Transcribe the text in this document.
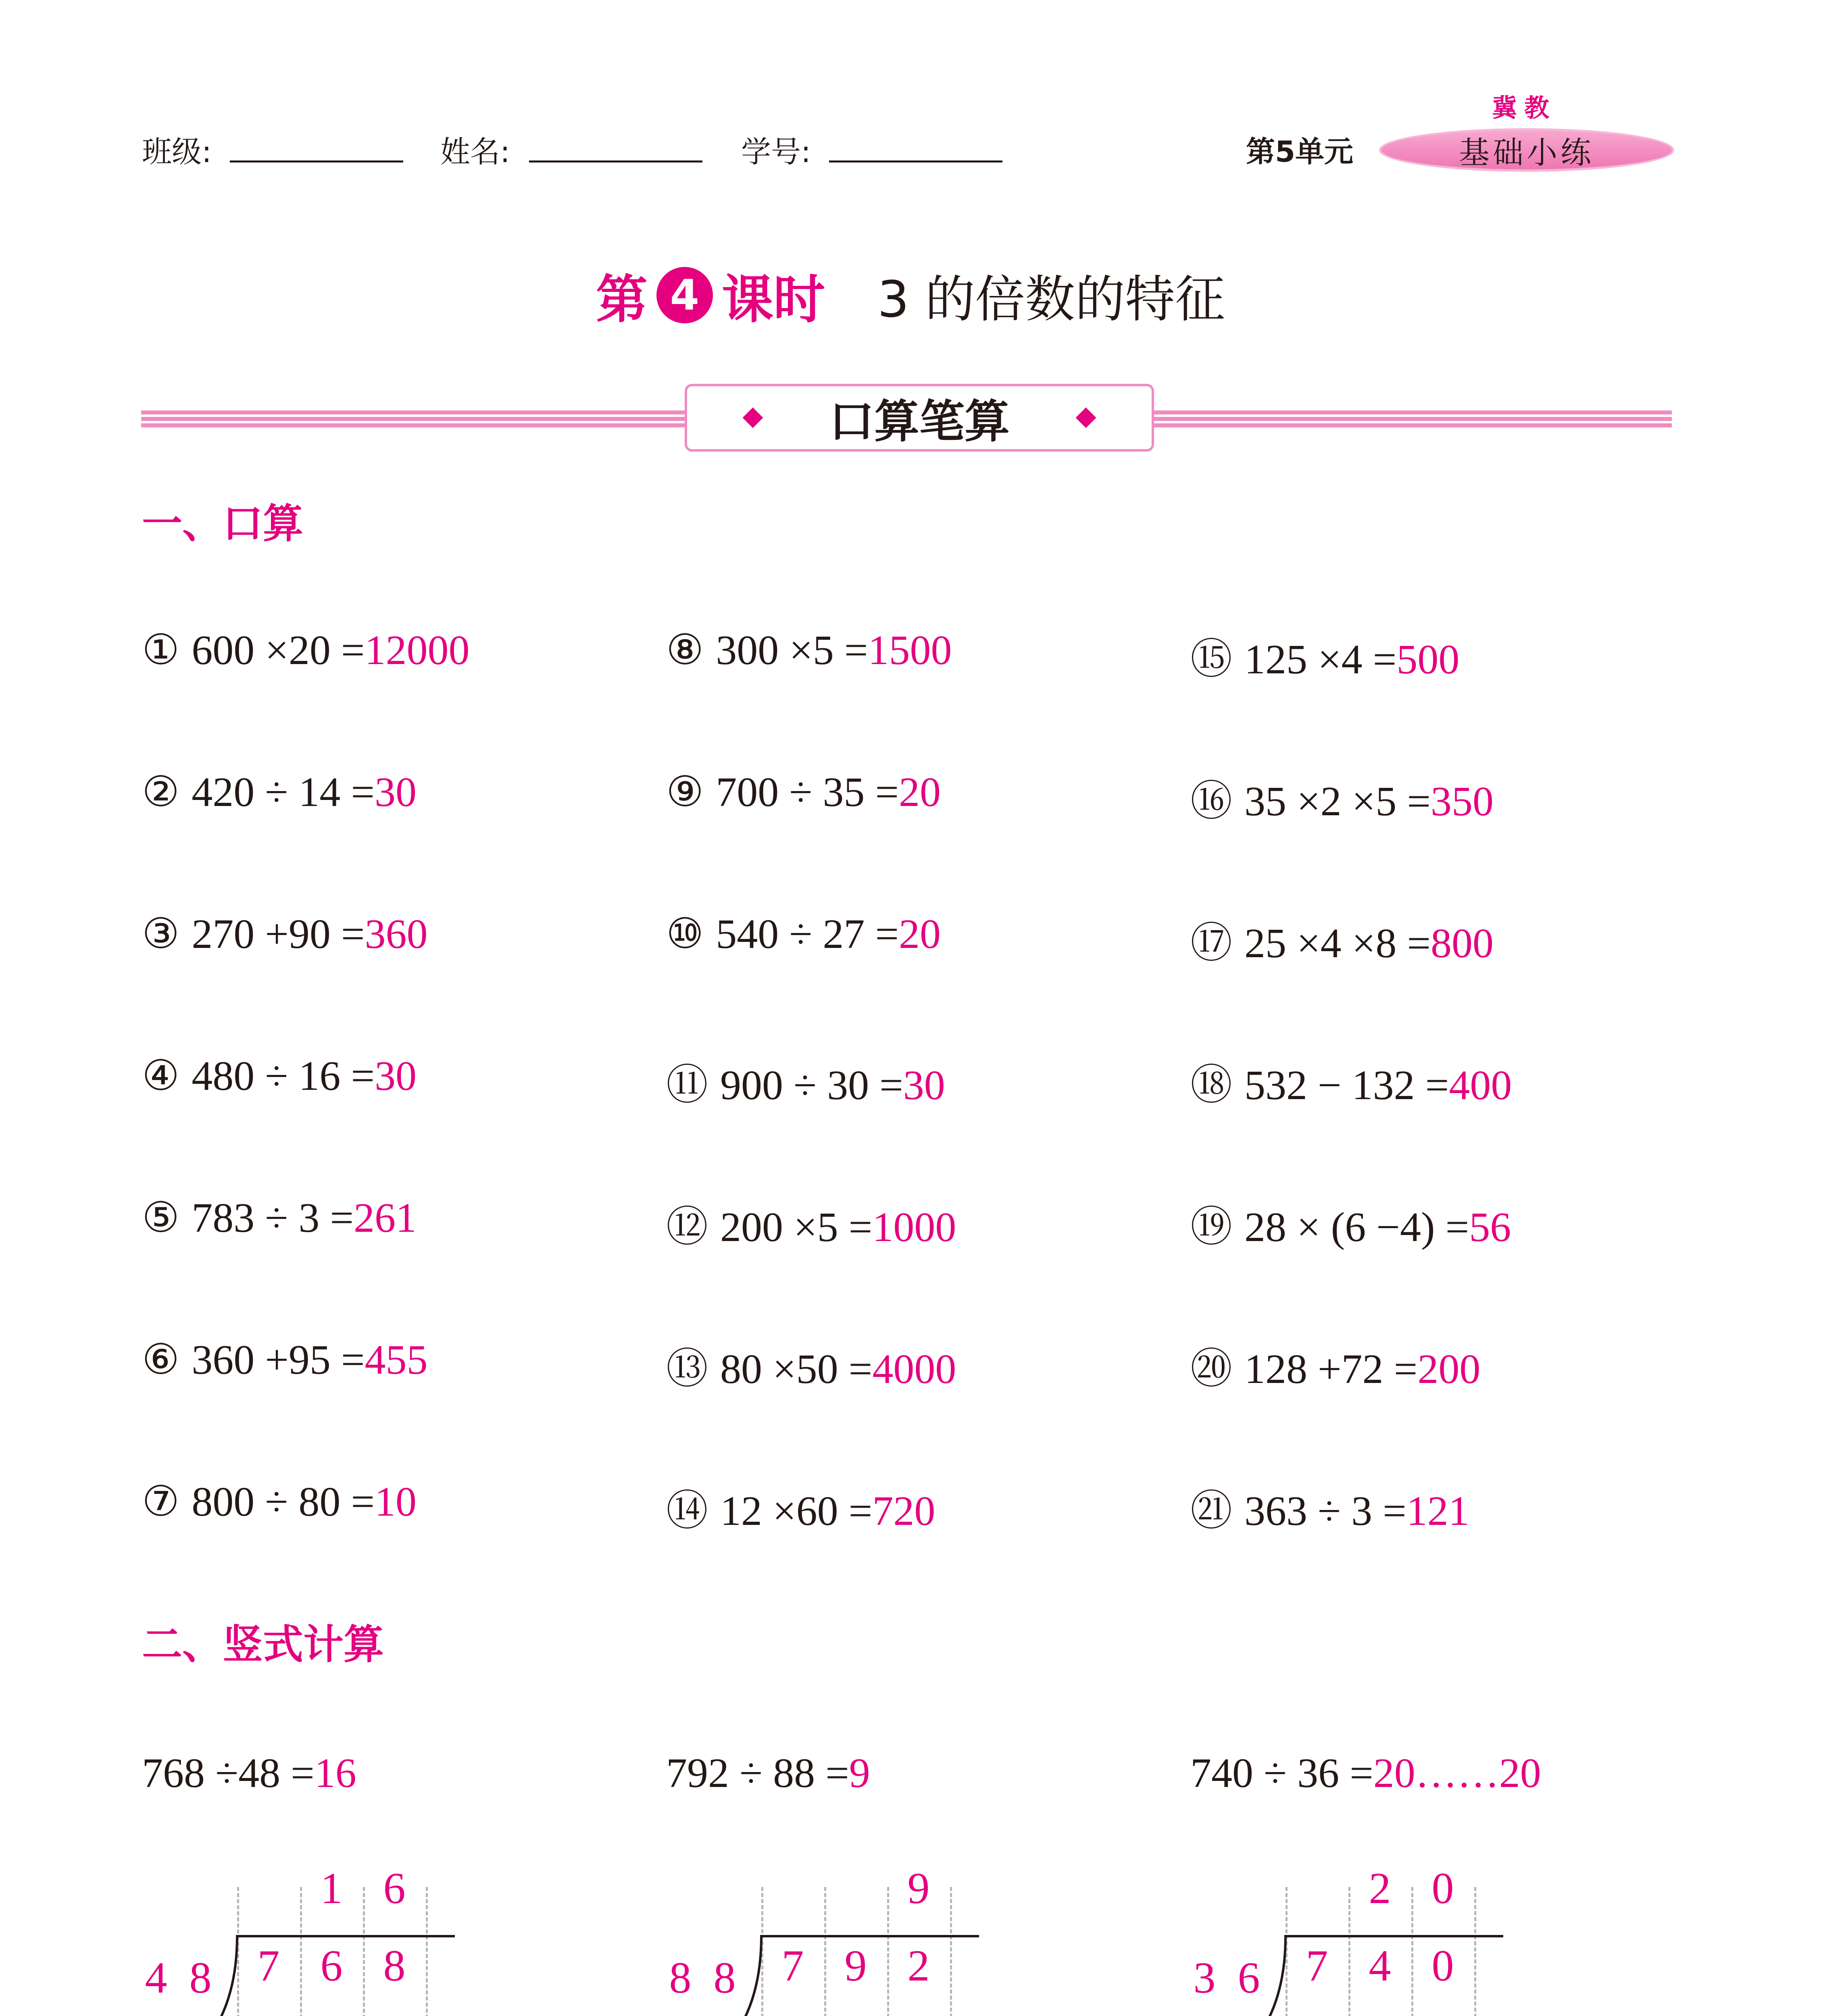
班级:	姓名:	学号:	第5单元
冀教
基础小练
第 4 课时 3 的倍数的特征
口算笔算
一、口算
① 600 ×20 =12000
② 420 ÷ 14 =30
③ 270 +90 =360
④ 480 ÷ 16 =30
⑤ 783 ÷ 3 =261
⑥ 360 +95 =455
⑦ 800 ÷ 80 =10
⑧ 300 ×5 =1500
⑨ 700 ÷ 35 =20
⑩ 540 ÷ 27 =20
⑪ 900 ÷ 30 =30
⑫ 200 ×5 =1000
⑬ 80 ×50 =4000
⑭ 12 ×60 =720
⑮ 125 ×4 =500
⑯ 35 ×2 ×5 =350
⑰ 25 ×4 ×8 =800
⑱ 532 − 132 =400
⑲ 28 × (6 −4) =56
⑳ 128 +72 =200
㉑ 363 ÷ 3 =121
二、竖式计算
768 ÷48 =16
4 8
1 6
7 6 8
792 ÷ 88 =9
8 8
9
7 9 2
740 ÷ 36 =20……20
3 6
2 0
7 4 0
